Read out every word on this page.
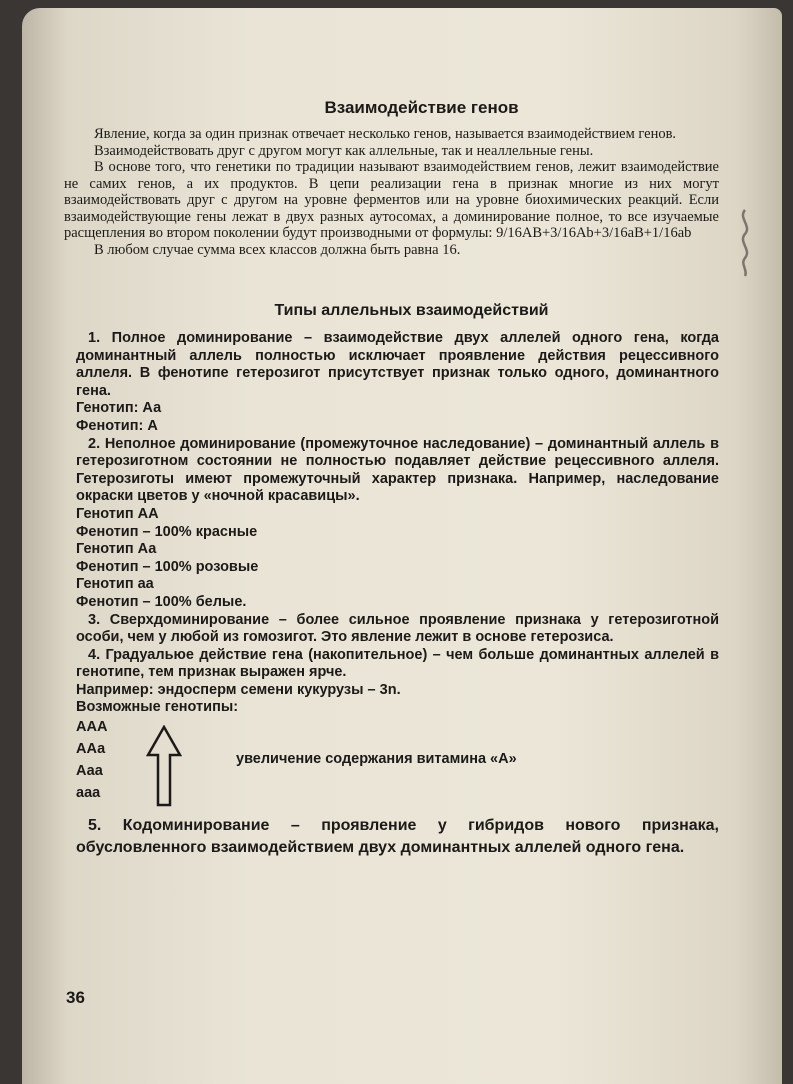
Взаимодействие генов

Явление, когда за один признак отвечает несколько генов, называется взаимодействием генов.

Взаимодействовать друг с другом могут как аллельные, так и неаллельные гены.

В основе того, что генетики по традиции называют взаимодействием генов, лежит взаимодействие не самих генов, а их продуктов. В цепи реализации гена в признак многие из них могут взаимодействовать друг с другом на уровне ферментов или на уровне биохимических реакций. Если взаимодействующие гены лежат в двух разных аутосомах, а доминирование полное, то все изучаемые расщепления во втором поколении будут производными от формулы: 9/16AB+3/16Ab+3/16aB+1/16ab

В любом случае сумма всех классов должна быть равна 16.

Типы аллельных взаимодействий

1. Полное доминирование – взаимодействие двух аллелей одного гена, когда доминантный аллель полностью исключает проявление действия рецессивного аллеля. В фенотипе гетерозигот присутствует признак только одного, доминантного гена.

Генотип: Аа
Фенотип: А

2. Неполное доминирование (промежуточное наследование) – доминантный аллель в гетерозиготном состоянии не полностью подавляет действие рецессивного аллеля. Гетерозиготы имеют промежуточный характер признака. Например, наследование окраски цветов у «ночной красавицы».

Генотип АА
Фенотип – 100% красные
Генотип Аа
Фенотип – 100% розовые
Генотип аа
Фенотип – 100% белые.

3. Сверхдоминирование – более сильное проявление признака у гетерозиготной особи, чем у любой из гомозигот. Это явление лежит в основе гетерозиса.

4. Градуальюе действие гена (накопительное) – чем больше доминантных аллелей в генотипе, тем признак выражен ярче.

Например: эндосперм семени кукурузы – 3n.
Возможные генотипы:
ААА
ААа
Ааа
ааа
увеличение содержания витамина «А»

5. Кодоминирование – проявление у гибридов нового признака, обусловленного взаимодействием двух доминантных аллелей одного гена.

36
